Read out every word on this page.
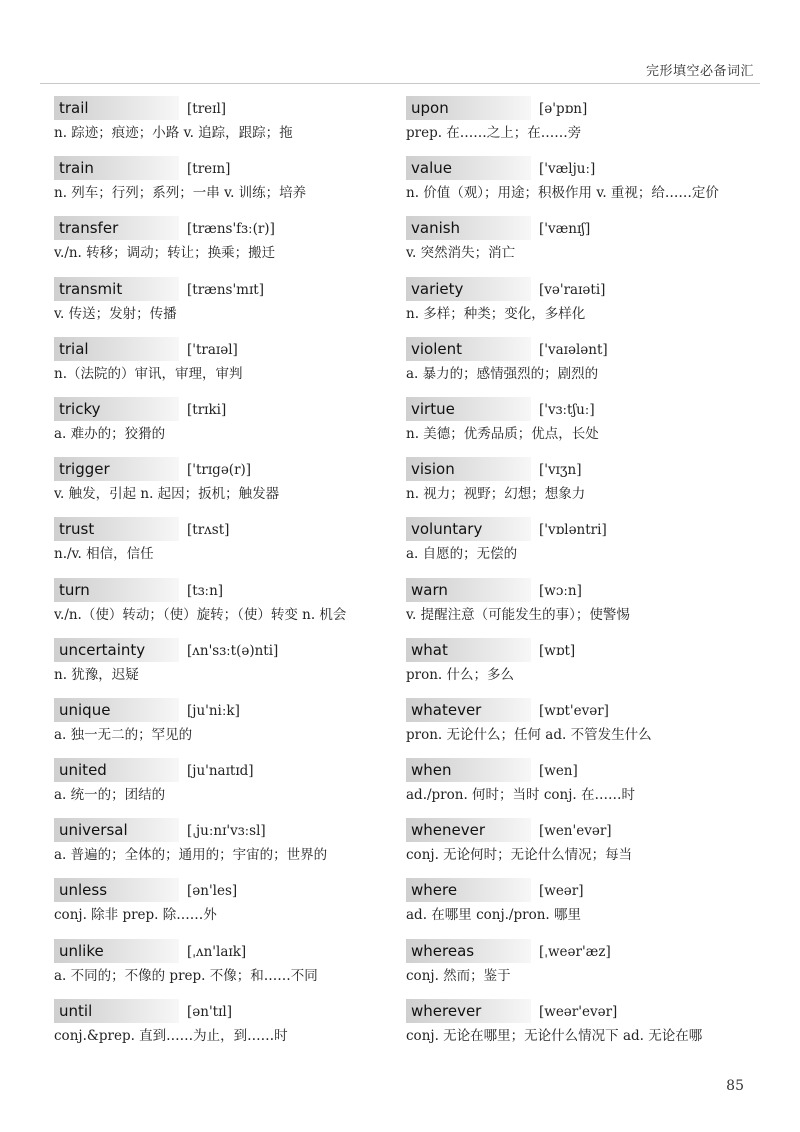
完形填空必备词汇
trail	[treɪl]
n. 踪迹；痕迹；小路 v. 追踪，跟踪；拖
train	[treɪn]
n. 列车；行列；系列；一串 v. 训练；培养
transfer	[træns'fɜː(r)]
v./n. 转移；调动；转让；换乘；搬迁
transmit	[træns'mɪt]
v. 传送；发射；传播
trial	['traɪəl]
n.（法院的）审讯，审理，审判
tricky	[trɪki]
a. 难办的；狡猾的
trigger	['trɪgə(r)]
v. 触发，引起 n. 起因；扳机；触发器
trust	[trʌst]
n./v. 相信，信任
turn	[tɜːn]
v./n.（使）转动；（使）旋转；（使）转变 n. 机会
uncertainty	[ʌn'sɜːt(ə)nti]
n. 犹豫，迟疑
unique	[ju'niːk]
a. 独一无二的；罕见的
united	[ju'naɪtɪd]
a. 统一的；团结的
universal	[ˌjuːnɪ'vɜːsl]
a. 普遍的；全体的；通用的；宇宙的；世界的
unless	[ən'les]
conj. 除非 prep. 除……外
unlike	[ˌʌn'laɪk]
a. 不同的；不像的 prep. 不像；和……不同
until	[ən'tɪl]
conj.&prep. 直到……为止，到……时
upon	[ə'pɒn]
prep. 在……之上；在……旁
value	['væljuː]
n. 价值（观）；用途；积极作用 v. 重视；给……定价
vanish	['vænɪʃ]
v. 突然消失；消亡
variety	[və'raɪəti]
n. 多样；种类；变化，多样化
violent	['vaɪələnt]
a. 暴力的；感情强烈的；剧烈的
virtue	['vɜːtʃuː]
n. 美德；优秀品质；优点，长处
vision	['vɪʒn]
n. 视力；视野；幻想；想象力
voluntary	['vɒləntri]
a. 自愿的；无偿的
warn	[wɔːn]
v. 提醒注意（可能发生的事）；使警惕
what	[wɒt]
pron. 什么；多么
whatever	[wɒt'evər]
pron. 无论什么；任何 ad. 不管发生什么
when	[wen]
ad./pron. 何时；当时 conj. 在……时
whenever	[wen'evər]
conj. 无论何时；无论什么情况；每当
where	[weər]
ad. 在哪里 conj./pron. 哪里
whereas	[ˌweər'æz]
conj. 然而；鉴于
wherever	[weər'evər]
conj. 无论在哪里；无论什么情况下 ad. 无论在哪
85
